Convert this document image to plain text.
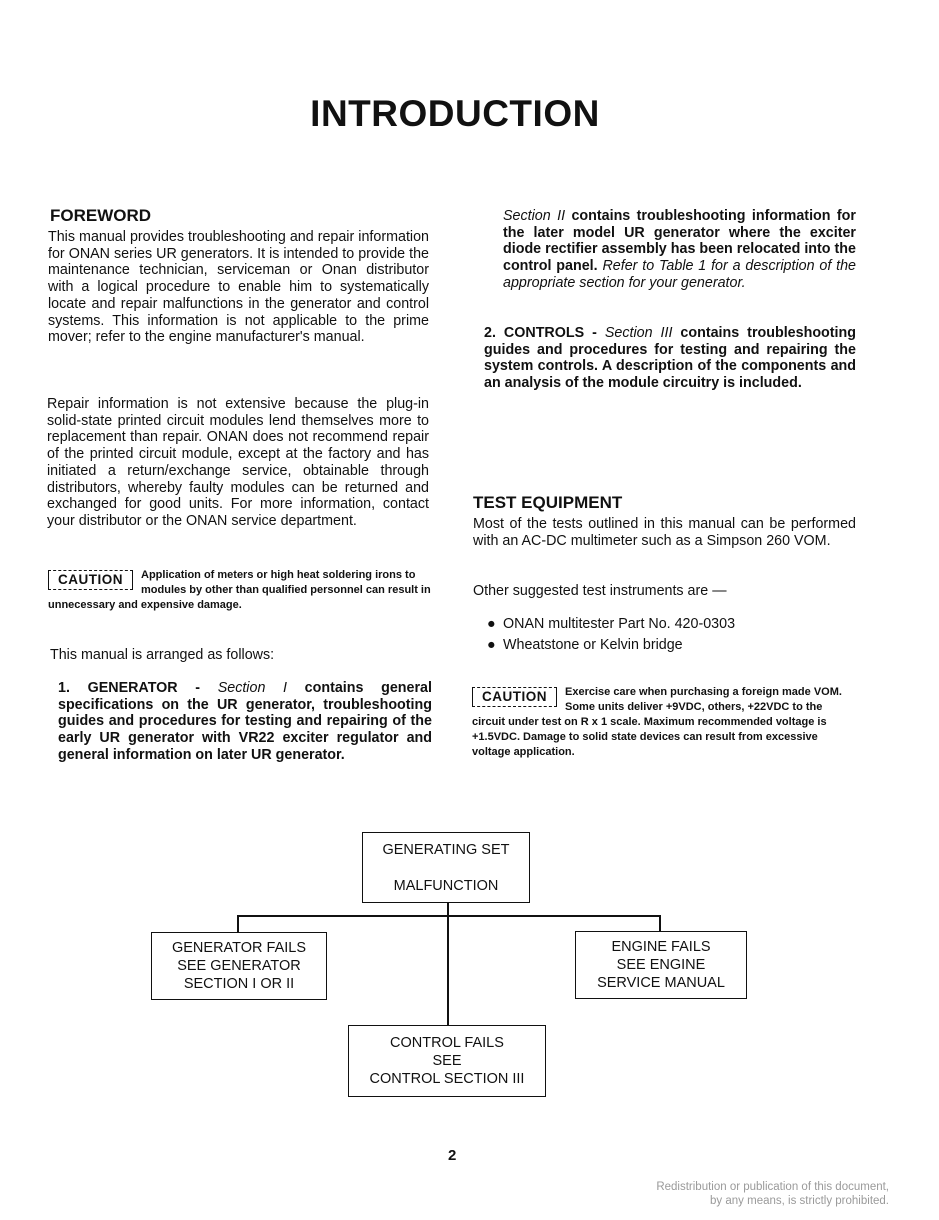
INTRODUCTION
FOREWORD
This manual provides troubleshooting and repair information for ONAN series UR generators. It is intended to provide the maintenance technician, serviceman or Onan distributor with a logical procedure to enable him to systematically locate and repair malfunctions in the generator and control systems. This information is not applicable to the prime mover; refer to the engine manufacturer's manual.
Repair information is not extensive because the plug-in solid-state printed circuit modules lend themselves more to replacement than repair. ONAN does not recommend repair of the printed circuit module, except at the factory and has initiated a return/exchange service, obtainable through distributors, whereby faulty modules can be returned and exchanged for good units. For more information, contact your distributor or the ONAN service department.
CAUTION	Application of meters or high heat soldering irons to modules by other than qualified personnel can result in unnecessary and expensive damage.
This manual is arranged as follows:
1. GENERATOR - Section I contains general specifications on the UR generator, troubleshooting guides and procedures for testing and repairing of the early UR generator with VR22 exciter regulator and general information on later UR generator.
Section II contains troubleshooting information for the later model UR generator where the exciter diode rectifier assembly has been relocated into the control panel. Refer to Table 1 for a description of the appropriate section for your generator.
2. CONTROLS - Section III contains troubleshooting guides and procedures for testing and repairing the system controls. A description of the components and an analysis of the module circuitry is included.
TEST EQUIPMENT
Most of the tests outlined in this manual can be performed with an AC-DC multimeter such as a Simpson 260 VOM.
Other suggested test instruments are —
● ONAN multitester Part No. 420-0303
● Wheatstone or Kelvin bridge
CAUTION	Exercise care when purchasing a foreign made VOM. Some units deliver +9VDC, others, +22VDC to the circuit under test on R x 1 scale. Maximum recommended voltage is +1.5VDC. Damage to solid state devices can result from excessive voltage application.
GENERATING SET
MALFUNCTION
GENERATOR FAILS
SEE GENERATOR
SECTION I OR II
ENGINE FAILS
SEE ENGINE
SERVICE MANUAL
CONTROL FAILS
SEE
CONTROL SECTION III
2
Redistribution or publication of this document,
by any means, is strictly prohibited.
